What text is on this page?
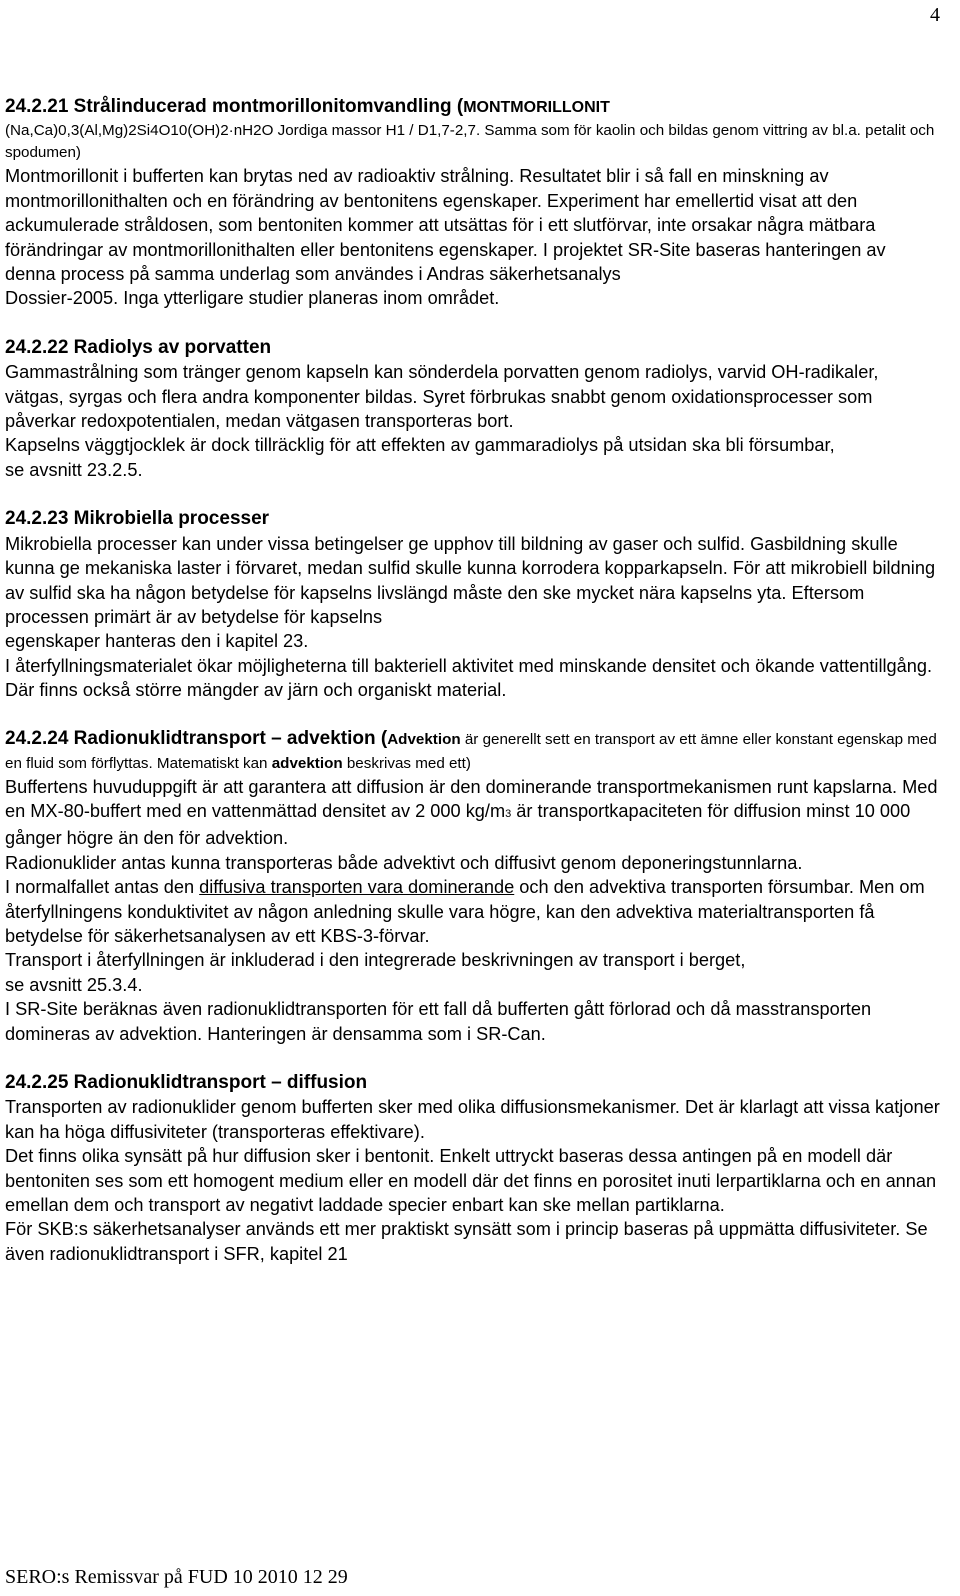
4

24.2.21 Strålinducerad montmorillonitomvandling (MONTMORILLONIT

(Na,Ca)0,3(Al,Mg)2Si4O10(OH)2·nH2O Jordiga massor H1 / D1,7-2,7. Samma som för kaolin och bildas genom vittring av bl.a. petalit och spodumen)

Montmorillonit i bufferten kan brytas ned av radioaktiv strålning. Resultatet blir i så fall en minskning av montmorillonithalten och en förändring av bentonitens egenskaper. Experiment har emellertid visat att den ackumulerade stråldosen, som bentoniten kommer att utsättas för i ett slutförvar, inte orsakar några mätbara förändringar av montmorillonithalten eller bentonitens egenskaper. I projektet SR-Site baseras hanteringen av denna process på samma underlag som användes i Andras säkerhetsanalys

Dossier-2005. Inga ytterligare studier planeras inom området.

24.2.22 Radiolys av porvatten

Gammastrålning som tränger genom kapseln kan sönderdela porvatten genom radiolys, varvid OH-radikaler, vätgas, syrgas och flera andra komponenter bildas. Syret förbrukas snabbt genom oxidationsprocesser som påverkar redoxpotentialen, medan vätgasen transporteras bort.

Kapselns väggtjocklek är dock tillräcklig för att effekten av gammaradiolys på utsidan ska bli försumbar,

se avsnitt 23.2.5.

24.2.23 Mikrobiella processer

Mikrobiella processer kan under vissa betingelser ge upphov till bildning av gaser och sulfid. Gasbildning skulle kunna ge mekaniska laster i förvaret, medan sulfid skulle kunna korrodera kopparkapseln. För att mikrobiell bildning av sulfid ska ha någon betydelse för kapselns livslängd måste den ske mycket nära kapselns yta. Eftersom processen primärt är av betydelse för kapselns

egenskaper hanteras den i kapitel 23.

I återfyllningsmaterialet ökar möjligheterna till bakteriell aktivitet med minskande densitet och ökande vattentillgång. Där finns också större mängder av järn och organiskt material.

24.2.24 Radionuklidtransport – advektion (Advektion är generellt sett en transport av ett ämne eller konstant egenskap med en fluid som förflyttas. Matematiskt kan advektion beskrivas med ett)

Buffertens huvuduppgift är att garantera att diffusion är den dominerande transportmekanismen runt kapslarna. Med en MX-80-buffert med en vattenmättad densitet av 2 000 kg/m3 är transportkapaciteten för diffusion minst 10 000 gånger högre än den för advektion.

Radionuklider antas kunna transporteras både advektivt och diffusivt genom deponeringstunnlarna.

I normalfallet antas den diffusiva transporten vara dominerande och den advektiva transporten försumbar. Men om återfyllningens konduktivitet av någon anledning skulle vara högre, kan den advektiva materialtransporten få betydelse för säkerhetsanalysen av ett KBS-3-förvar.

Transport i återfyllningen är inkluderad i den integrerade beskrivningen av transport i berget,

se avsnitt 25.3.4.

I SR-Site beräknas även radionuklidtransporten för ett fall då bufferten gått förlorad och då masstransporten domineras av advektion. Hanteringen är densamma som i SR-Can.

24.2.25 Radionuklidtransport – diffusion

Transporten av radionuklider genom bufferten sker med olika diffusionsmekanismer. Det är klarlagt att vissa katjoner kan ha höga diffusiviteter (transporteras effektivare).

Det finns olika synsätt på hur diffusion sker i bentonit. Enkelt uttryckt baseras dessa antingen på en modell där bentoniten ses som ett homogent medium eller en modell där det finns en porositet inuti lerpartiklarna och en annan emellan dem och transport av negativt laddade specier enbart kan ske mellan partiklarna.

För SKB:s säkerhetsanalyser används ett mer praktiskt synsätt som i princip baseras på uppmätta diffusiviteter. Se även radionuklidtransport i SFR, kapitel 21

SERO:s Remissvar på FUD 10 2010 12 29
